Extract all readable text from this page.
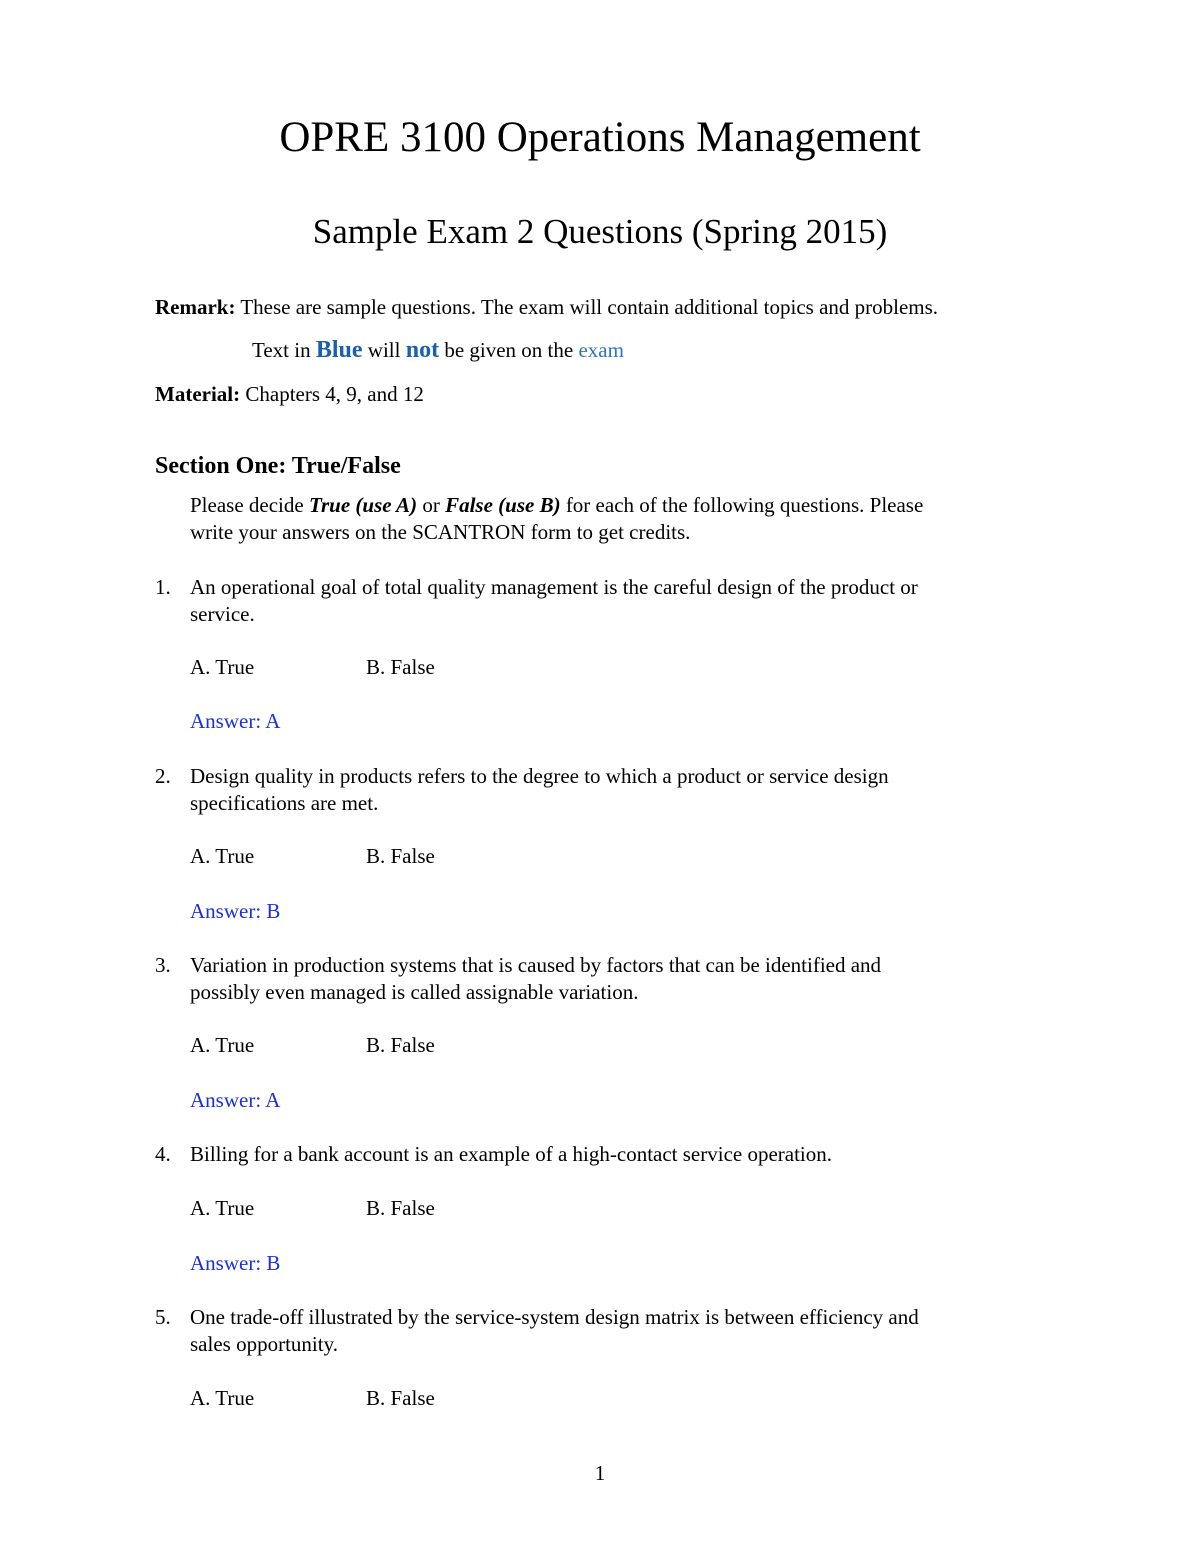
OPRE 3100 Operations Management
Sample Exam 2 Questions (Spring 2015)
Remark: These are sample questions. The exam will contain additional topics and problems.
Text in Blue will not be given on the exam
Material: Chapters 4, 9, and 12
Section One: True/False
Please decide True (use A) or False (use B) for each of the following questions. Please
write your answers on the SCANTRON form to get credits.
1. An operational goal of total quality management is the careful design of the product or
service.
A. True	B. False
Answer: A
2. Design quality in products refers to the degree to which a product or service design
specifications are met.
A. True	B. False
Answer: B
3. Variation in production systems that is caused by factors that can be identified and
possibly even managed is called assignable variation.
A. True	B. False
Answer: A
4. Billing for a bank account is an example of a high-contact service operation.
A. True	B. False
Answer: B
5. One trade-off illustrated by the service-system design matrix is between efficiency and
sales opportunity.
A. True	B. False
1
